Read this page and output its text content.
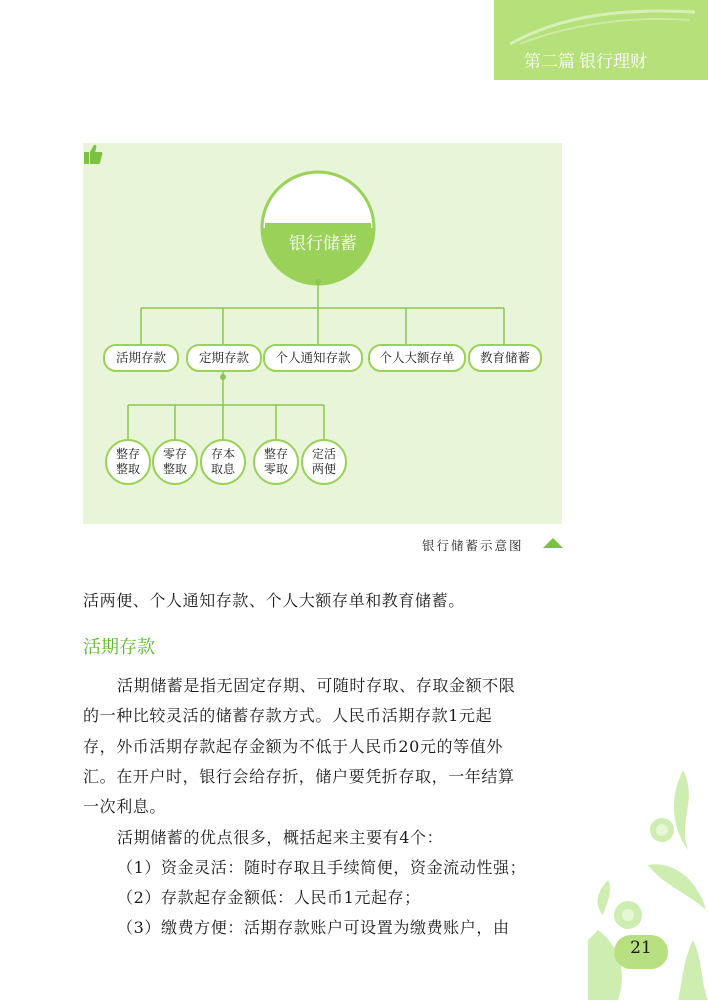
第二篇 银行理财
银行储蓄
活期存款	定期存款	个人通知存款	个人大额存单	教育储蓄
整存
整取
零存
整取
存本
取息
整存
零取
定活
两便
银行储蓄示意图
活两便、个人通知存款、个人大额存单和教育储蓄。
活期存款
活期储蓄是指无固定存期、可随时存取、存取金额不限
的一种比较灵活的储蓄存款方式。人民币活期存款1元起
存，外币活期存款起存金额为不低于人民币20元的等值外
汇。在开户时，银行会给存折，储户要凭折存取，一年结算
一次利息。
活期储蓄的优点很多，概括起来主要有4个：
（1）资金灵活：随时存取且手续简便，资金流动性强；
（2）存款起存金额低：人民币1元起存；
（3）缴费方便：活期存款账户可设置为缴费账户，由
21
